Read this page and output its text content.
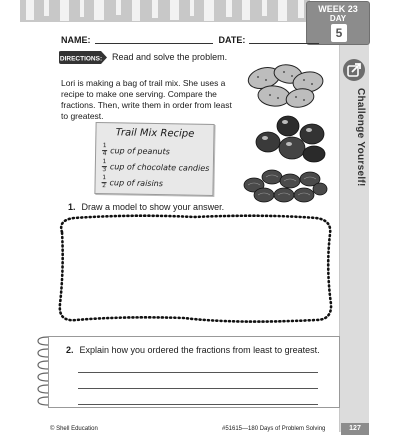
WEEK 23
DAY
5
Challenge Yourself!
NAME:	DATE:
DIRECTIONS: Read and solve the problem.
Lori is making a bag of trail mix. She uses a recipe to make one serving. Compare the fractions. Then, write them in order from least to greatest.
Trail Mix Recipe
$\frac{1}{4}$ cup of peanuts
$\frac{1}{3}$ cup of chocolate candies
$\frac{1}{2}$ cup of raisins
1. Draw a model to show your answer.
2. Explain how you ordered the fractions from least to greatest.
© Shell Education	#51615—180 Days of Problem Solving	127
